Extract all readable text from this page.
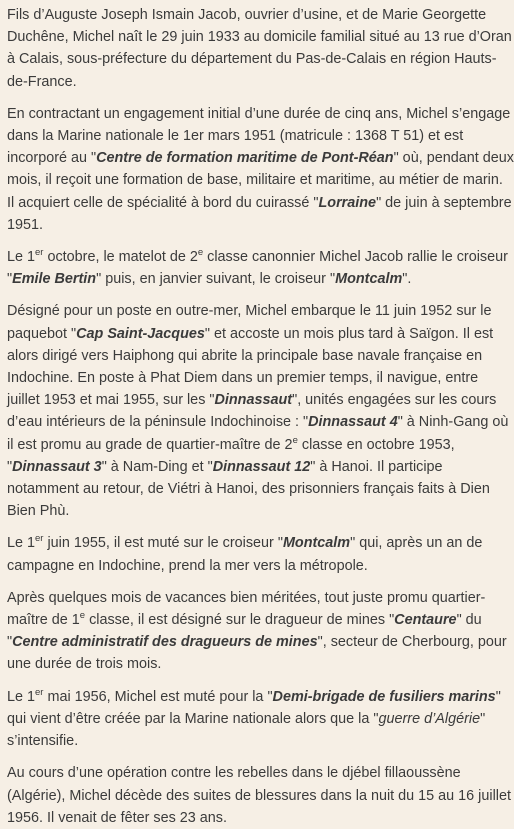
Fils d’Auguste Joseph Ismain Jacob, ouvrier d’usine, et de Marie Georgette Duchêne, Michel naît le 29 juin 1933 au domicile familial situé au 13 rue d’Oran à Calais, sous-préfecture du département du Pas-de-Calais en région Hauts-de-France.

En contractant un engagement initial d’une durée de cinq ans, Michel s’engage dans la Marine nationale le 1er mars 1951 (matricule : 1368 T 51) et est incorporé au "Centre de formation maritime de Pont-Réan" où, pendant deux mois, il reçoit une formation de base, militaire et maritime, au métier de marin. Il acquiert celle de spécialité à bord du cuirassé "Lorraine" de juin à septembre 1951.

Le 1er octobre, le matelot de 2e classe canonnier Michel Jacob rallie le croiseur "Emile Bertin" puis, en janvier suivant, le croiseur "Montcalm".

Désigné pour un poste en outre-mer, Michel embarque le 11 juin 1952 sur le paquebot "Cap Saint-Jacques" et accoste un mois plus tard à Saïgon. Il est alors dirigé vers Haiphong qui abrite la principale base navale française en Indochine. En poste à Phat Diem dans un premier temps, il navigue, entre juillet 1953 et mai 1955, sur les "Dinnassaut", unités engagées sur les cours d’eau intérieurs de la péninsule Indochinoise : "Dinnassaut 4" à Ninh-Gang où il est promu au grade de quartier-maître de 2e classe en octobre 1953, "Dinnassaut 3" à Nam-Ding et "Dinnassaut 12" à Hanoi. Il participe notamment au retour, de Viétri à Hanoi, des prisonniers français faits à Dien Bien Phù.

Le 1er juin 1955, il est muté sur le croiseur "Montcalm" qui, après un an de campagne en Indochine, prend la mer vers la métropole.

Après quelques mois de vacances bien méritées, tout juste promu quartier-maître de 1e classe, il est désigné sur le dragueur de mines "Centaure" du "Centre administratif des dragueurs de mines", secteur de Cherbourg, pour une durée de trois mois.

Le 1er mai 1956, Michel est muté pour la "Demi-brigade de fusiliers marins" qui vient d’être créée par la Marine nationale alors que la "guerre d’Algérie" s’intensifie.

Au cours d’une opération contre les rebelles dans le djébel fillaoussène (Algérie), Michel décède des suites de blessures dans la nuit du 15 au 16 juillet 1956. Il venait de fêter ses 23 ans.
